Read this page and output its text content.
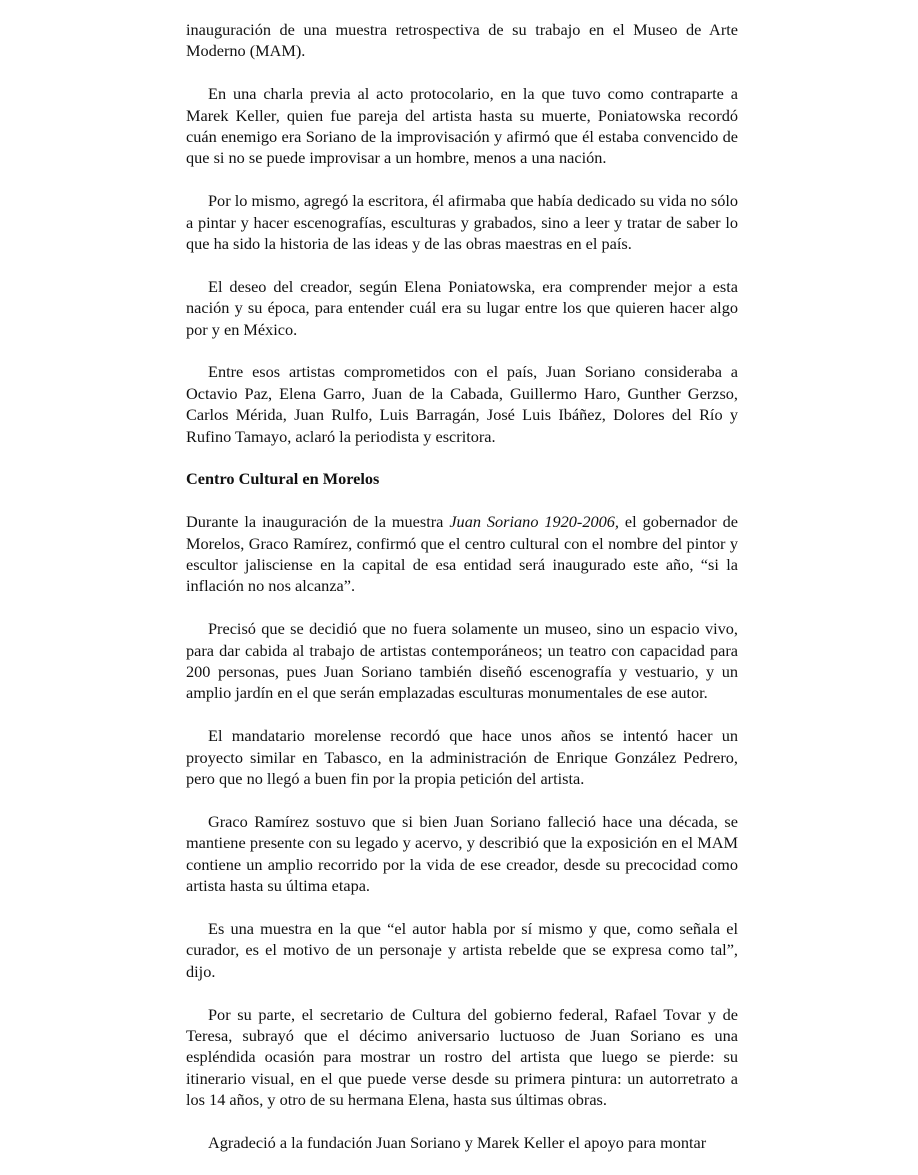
inauguración de una muestra retrospectiva de su trabajo en el Museo de Arte Moderno (MAM).

En una charla previa al acto protocolario, en la que tuvo como contraparte a Marek Keller, quien fue pareja del artista hasta su muerte, Poniatowska recordó cuán enemigo era Soriano de la improvisación y afirmó que él estaba convencido de que si no se puede improvisar a un hombre, menos a una nación.

Por lo mismo, agregó la escritora, él afirmaba que había dedicado su vida no sólo a pintar y hacer escenografías, esculturas y grabados, sino a leer y tratar de saber lo que ha sido la historia de las ideas y de las obras maestras en el país.

El deseo del creador, según Elena Poniatowska, era comprender mejor a esta nación y su época, para entender cuál era su lugar entre los que quieren hacer algo por y en México.

Entre esos artistas comprometidos con el país, Juan Soriano consideraba a Octavio Paz, Elena Garro, Juan de la Cabada, Guillermo Haro, Gunther Gerzso, Carlos Mérida, Juan Rulfo, Luis Barragán, José Luis Ibáñez, Dolores del Río y Rufino Tamayo, aclaró la periodista y escritora.

Centro Cultural en Morelos

Durante la inauguración de la muestra Juan Soriano 1920-2006, el gobernador de Morelos, Graco Ramírez, confirmó que el centro cultural con el nombre del pintor y escultor jalisciense en la capital de esa entidad será inaugurado este año, “si la inflación no nos alcanza”.

Precisó que se decidió que no fuera solamente un museo, sino un espacio vivo, para dar cabida al trabajo de artistas contemporáneos; un teatro con capacidad para 200 personas, pues Juan Soriano también diseñó escenografía y vestuario, y un amplio jardín en el que serán emplazadas esculturas monumentales de ese autor.

El mandatario morelense recordó que hace unos años se intentó hacer un proyecto similar en Tabasco, en la administración de Enrique González Pedrero, pero que no llegó a buen fin por la propia petición del artista.

Graco Ramírez sostuvo que si bien Juan Soriano falleció hace una década, se mantiene presente con su legado y acervo, y describió que la exposición en el MAM contiene un amplio recorrido por la vida de ese creador, desde su precocidad como artista hasta su última etapa.

Es una muestra en la que “el autor habla por sí mismo y que, como señala el curador, es el motivo de un personaje y artista rebelde que se expresa como tal”, dijo.

Por su parte, el secretario de Cultura del gobierno federal, Rafael Tovar y de Teresa, subrayó que el décimo aniversario luctuoso de Juan Soriano es una espléndida ocasión para mostrar un rostro del artista que luego se pierde: su itinerario visual, en el que puede verse desde su primera pintura: un autorretrato a los 14 años, y otro de su hermana Elena, hasta sus últimas obras.

Agradeció a la fundación Juan Soriano y Marek Keller el apoyo para montar
